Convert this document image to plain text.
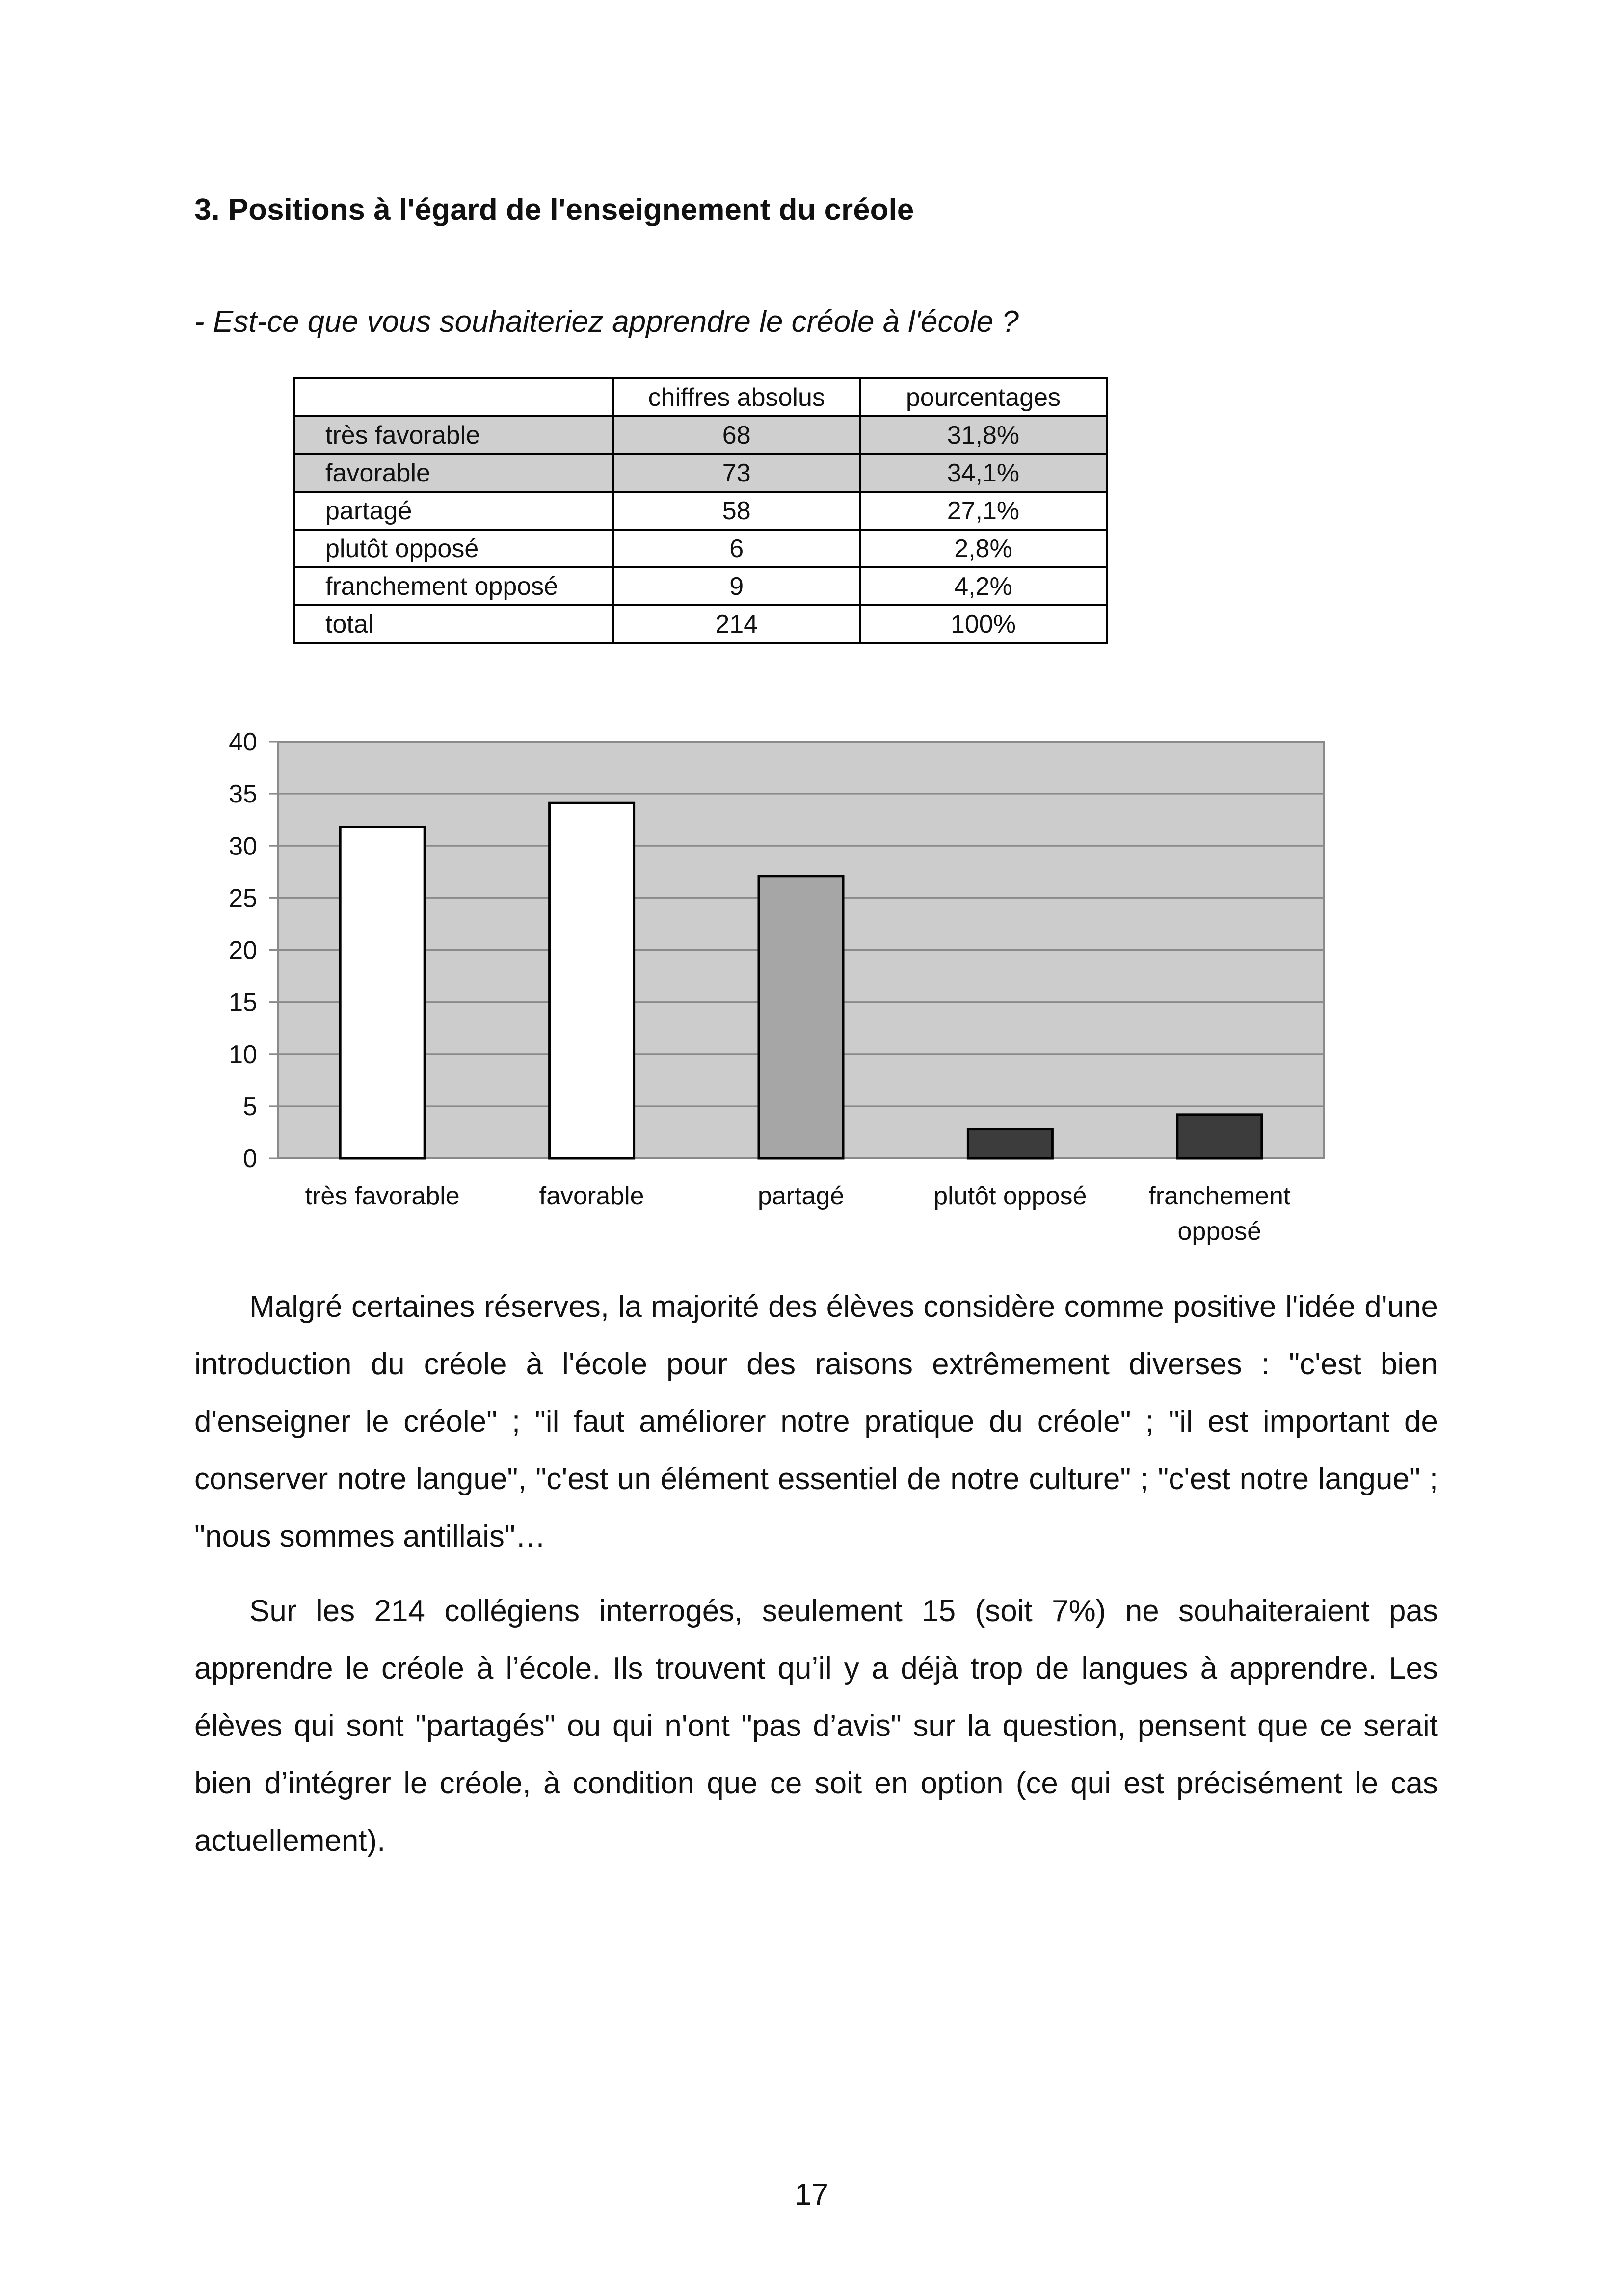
3. Positions à l'égard de l'enseignement du créole

- Est-ce que vous souhaiteriez apprendre le créole à l'école ?

	chiffres absolus	pourcentages
très favorable	68	31,8%
favorable	73	34,1%
partagé	58	27,1%
plutôt opposé	6	2,8%
franchement opposé	9	4,2%
total	214	100%
0
5
10
15
20
25
30
35
40
très favorable	favorable	partagé	plutôt opposé franchement
opposé

Malgré certaines réserves, la majorité des élèves considère comme positive l'idée d'une introduction du créole à l'école pour des raisons extrêmement diverses : "c'est bien d'enseigner le créole" ; "il faut améliorer notre pratique du créole" ; "il est important de conserver notre langue", "c'est un élément essentiel de notre culture" ; "c'est notre langue" ; "nous sommes antillais"…

Sur les 214 collégiens interrogés, seulement 15 (soit 7%) ne souhaiteraient pas apprendre le créole à l’école. Ils trouvent qu’il y a déjà trop de langues à apprendre. Les élèves qui sont "partagés" ou qui n'ont "pas d’avis" sur la question, pensent que ce serait bien d’intégrer le créole, à condition que ce soit en option (ce qui est précisément le cas actuellement).

17
